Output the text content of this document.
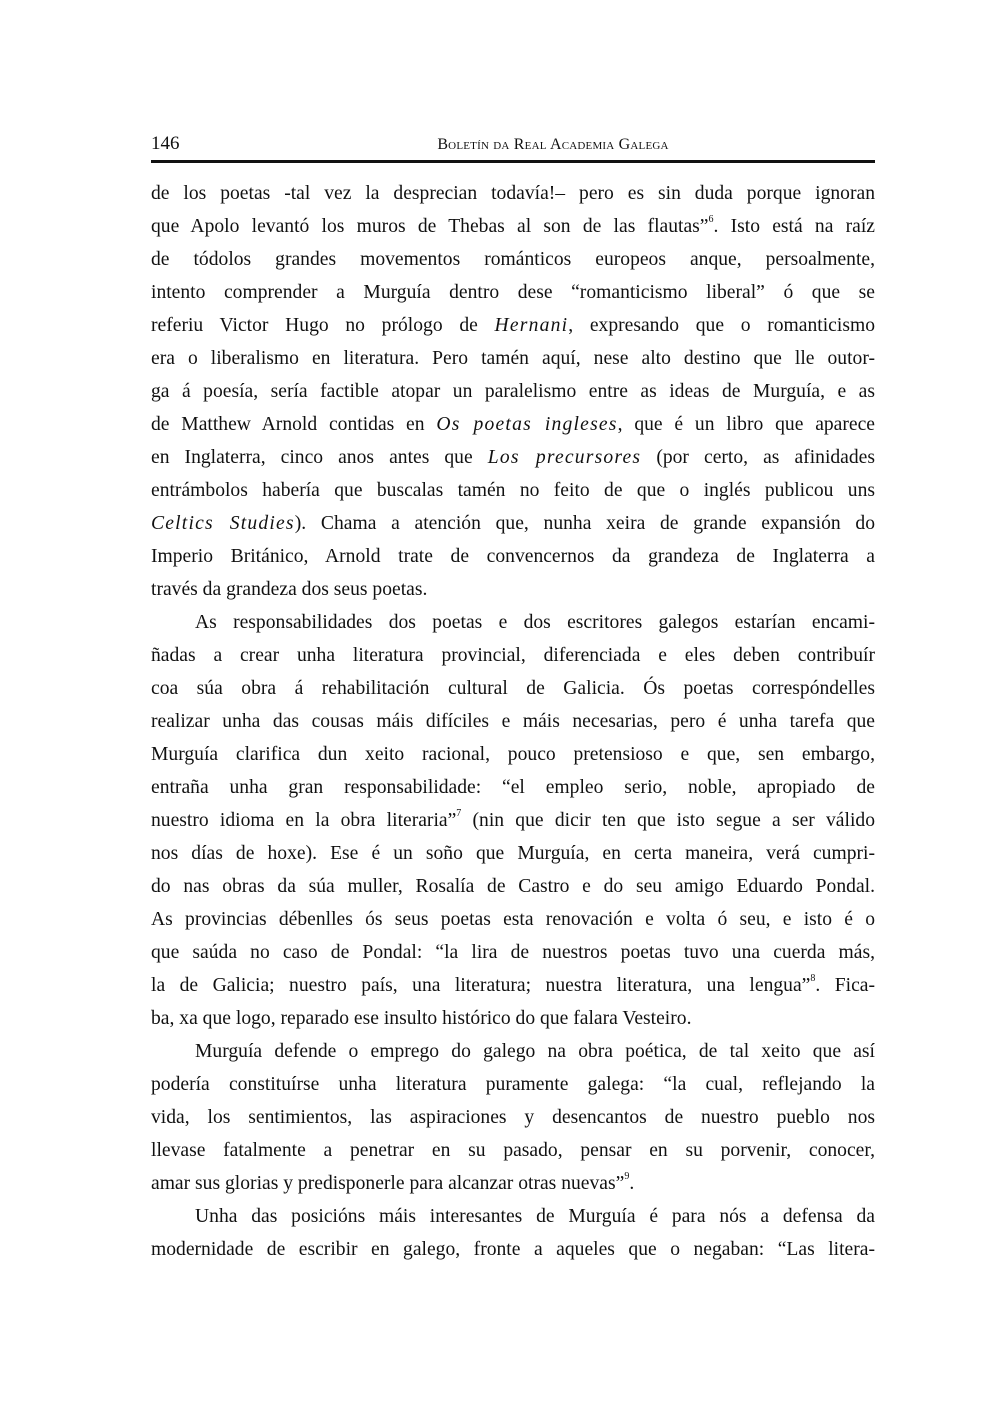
146	Boletín da Real Academia Galega
de los poetas -tal vez la desprecian todavía!– pero es sin duda porque ignoran
que Apolo levantó los muros de Thebas al son de las flautas”$^6$. Isto está na raíz
de tódolos grandes movementos románticos europeos anque, persoalmente,
intento comprender a Murguía dentro dese “romanticismo liberal” ó que se
referiu Victor Hugo no prólogo de Hernani, expresando que o romanticismo
era o liberalismo en literatura. Pero tamén aquí, nese alto destino que lle outor-
ga á poesía, sería factible atopar un paralelismo entre as ideas de Murguía, e as
de Matthew Arnold contidas en Os poetas ingleses, que é un libro que aparece
en Inglaterra, cinco anos antes que Los precursores (por certo, as afinidades
entrámbolos habería que buscalas tamén no feito de que o inglés publicou uns
Celtics Studies). Chama a atención que, nunha xeira de grande expansión do
Imperio Británico, Arnold trate de convencernos da grandeza de Inglaterra a
través da grandeza dos seus poetas.
As responsabilidades dos poetas e dos escritores galegos estarían encami-
ñadas a crear unha literatura provincial, diferenciada e eles deben contribuír
coa súa obra á rehabilitación cultural de Galicia. Ós poetas correspóndelles
realizar unha das cousas máis difíciles e máis necesarias, pero é unha tarefa que
Murguía clarifica dun xeito racional, pouco pretensioso e que, sen embargo,
entraña unha gran responsabilidade: “el empleo serio, noble, apropiado de
nuestro idioma en la obra literaria”$^7$ (nin que dicir ten que isto segue a ser válido
nos días de hoxe). Ese é un soño que Murguía, en certa maneira, verá cumpri-
do nas obras da súa muller, Rosalía de Castro e do seu amigo Eduardo Pondal.
As provincias débenlles ós seus poetas esta renovación e volta ó seu, e isto é o
que saúda no caso de Pondal: “la lira de nuestros poetas tuvo una cuerda más,
la de Galicia; nuestro país, una literatura; nuestra literatura, una lengua”$^8$. Fica-
ba, xa que logo, reparado ese insulto histórico do que falara Vesteiro.
Murguía defende o emprego do galego na obra poética, de tal xeito que así
podería constituírse unha literatura puramente galega: “la cual, reflejando la
vida, los sentimientos, las aspiraciones y desencantos de nuestro pueblo nos
llevase fatalmente a penetrar en su pasado, pensar en su porvenir, conocer,
amar sus glorias y predisponerle para alcanzar otras nuevas”$^9$.
Unha das posicións máis interesantes de Murguía é para nós a defensa da
modernidade de escribir en galego, fronte a aqueles que o negaban: “Las litera-
